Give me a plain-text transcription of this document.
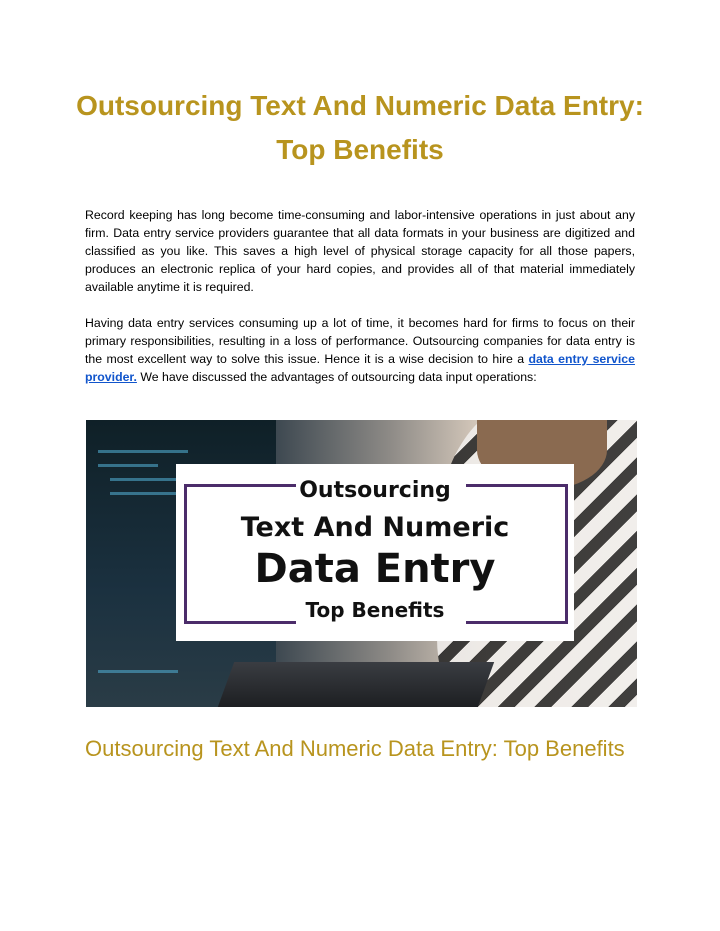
Outsourcing Text And Numeric Data Entry: Top Benefits

Record keeping has long become time-consuming and labor-intensive operations in just about any firm. Data entry service providers guarantee that all data formats in your business are digitized and classified as you like. This saves a high level of physical storage capacity for all those papers, produces an electronic replica of your hard copies, and provides all of that material immediately available anytime it is required.

Having data entry services consuming up a lot of time, it becomes hard for firms to focus on their primary responsibilities, resulting in a loss of performance. Outsourcing companies for data entry is the most excellent way to solve this issue. Hence it is a wise decision to hire a data entry service provider. We have discussed the advantages of outsourcing data input operations:

Outsourcing
Text And Numeric
Data Entry
Top Benefits
Outsourcing Text And Numeric Data Entry: Top Benefits
